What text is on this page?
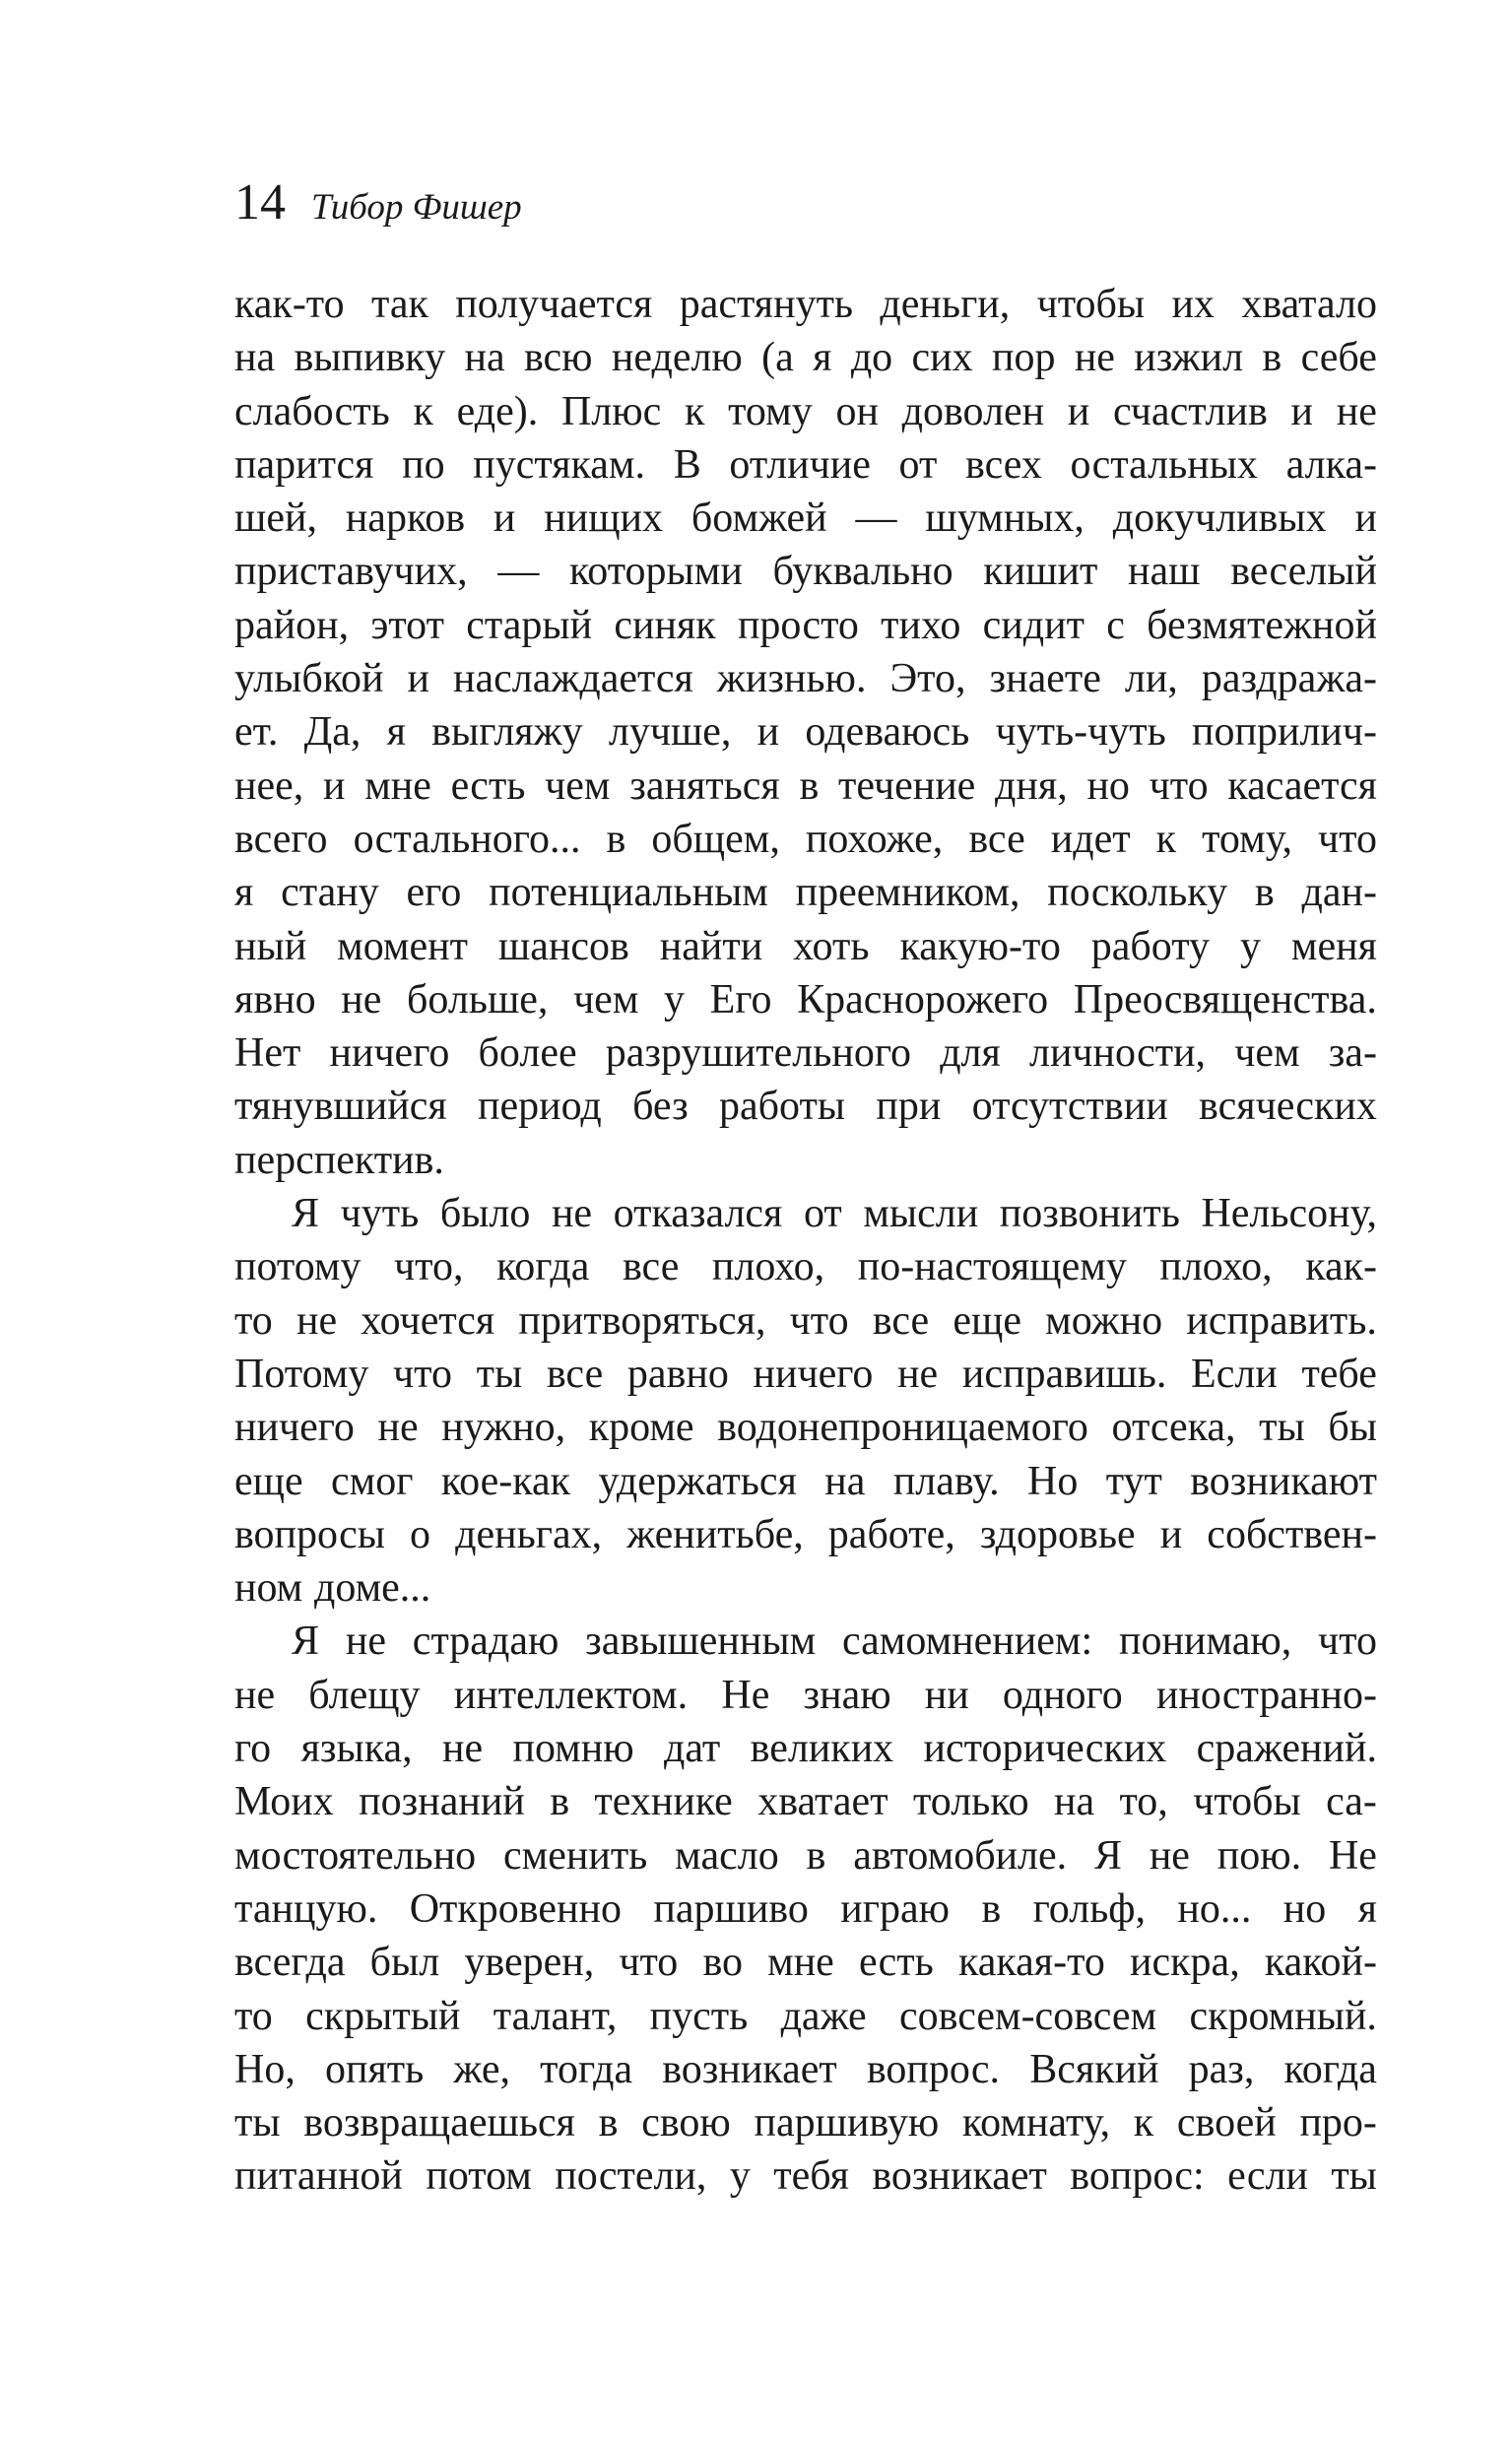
14 Тибор Фишер
как-то так получается растянуть деньги, чтобы их хватало
на выпивку на всю неделю (а я до сих пор не изжил в себе
слабость к еде). Плюс к тому он доволен и счастлив и не
парится по пустякам. В отличие от всех остальных алка-
шей, нарков и нищих бомжей — шумных, докучливых и
приставучих, — которыми буквально кишит наш веселый
район, этот старый синяк просто тихо сидит с безмятежной
улыбкой и наслаждается жизнью. Это, знаете ли, раздража-
ет. Да, я выгляжу лучше, и одеваюсь чуть-чуть поприлич-
нее, и мне есть чем заняться в течение дня, но что касается
всего остального... в общем, похоже, все идет к тому, что
я стану его потенциальным преемником, поскольку в дан-
ный момент шансов найти хоть какую-то работу у меня
явно не больше, чем у Его Краснорожего Преосвященства.
Нет ничего более разрушительного для личности, чем за-
тянувшийся период без работы при отсутствии всяческих
перспектив.
Я чуть было не отказался от мысли позвонить Нельсону,
потому что, когда все плохо, по-настоящему плохо, как-
то не хочется притворяться, что все еще можно исправить.
Потому что ты все равно ничего не исправишь. Если тебе
ничего не нужно, кроме водонепроницаемого отсека, ты бы
еще смог кое-как удержаться на плаву. Но тут возникают
вопросы о деньгах, женитьбе, работе, здоровье и собствен-
ном доме...
Я не страдаю завышенным самомнением: понимаю, что
не блещу интеллектом. Не знаю ни одного иностранно-
го языка, не помню дат великих исторических сражений.
Моих познаний в технике хватает только на то, чтобы са-
мостоятельно сменить масло в автомобиле. Я не пою. Не
танцую. Откровенно паршиво играю в гольф, но... но я
всегда был уверен, что во мне есть какая-то искра, какой-
то скрытый талант, пусть даже совсем-совсем скромный.
Но, опять же, тогда возникает вопрос. Всякий раз, когда
ты возвращаешься в свою паршивую комнату, к своей про-
питанной потом постели, у тебя возникает вопрос: если ты
